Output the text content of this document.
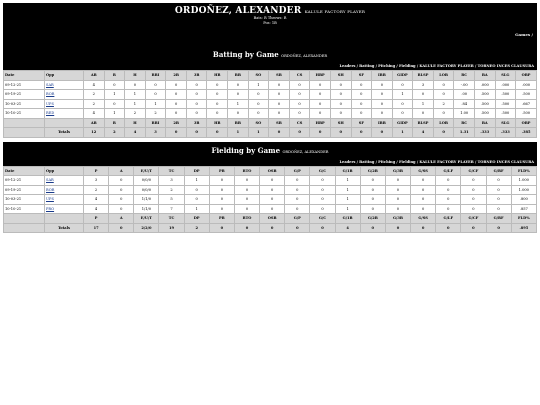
ORDOÑEZ, ALEXANDER KALULE FACTORY PLAYER
Bats: R Throws: R
Pos: 1B
Games /
Batting by Game ORDOÑEZ, ALEXANDER
Leaders / Batting / Pitching / Fielding / KALULE FACTORY PLAYER / TORNEO INCES CLAUSURA
Date	Opp	AB	R	H	RBI	2B	3B	HR	BB	SO	SB	CS	HBP	SH	SF	IBB	GIDP	RLSP	LOB	RC	BA	SLG	OBP
09-12-21	SAR	4	0	0	0	0	0	0	0	1	0	0	0	0	0	0	0	3	0	-.00	.000	.000	.000
09-19-21	BOR	2	1	1	0	0	0	0	0	0	0	0	0	0	0	0	1	0	0	.00	.500	.500	.500
10-03-21	UPS	2	0	1	1	0	0	0	1	0	0	0	0	0	0	0	0	1	2	.84	.500	.500	.667
10-10-21	RED	4	1	2	2	0	0	0	0	0	0	0	0	0	0	0	0	0	0	1.00	.500	.500	.500
		AB	R	H	RBI	2B	3B	HR	BB	SO	SB	CS	HBP	SH	SF	IBB	GIDP	RLSP	LOB	RC	BA	SLG	OBP
	Totals	12	2	4	3	0	0	0	1	1	0	0	0	0	0	0	1	4	0	1.31	.333	.333	.385
Fielding by Game ORDOÑEZ, ALEXANDER
Leaders / Batting / Pitching / Fielding / KALULE FACTORY PLAYER / TORNEO INCES CLAUSURA
Date	Opp	P	A	E/U/T	TC	DP	PB	RTO	OSB	G/P	G/C	G/1B	G/2B	G/3B	G/SS	G/LF	G/CF	G/RF	FLD%
09-12-21	SAR	3	0	0/0/0	3	1	0	0	0	0	0	1	0	0	0	0	0	0	1.000
09-19-21	BOR	2	0	0/0/0	2	0	0	0	0	0	0	1	0	0	0	0	0	0	1.000
10-03-21	UPS	4	0	1/1/0	5	0	0	0	0	0	0	1	0	0	0	0	0	0	.800
10-10-21	PRO	4	0	1/1/0	7	1	0	0	0	0	0	1	0	0	0	0	0	0	.857
		P	A	E/U/T	TC	DP	PB	RTO	OSB	G/P	G/C	G/1B	G/2B	G/3B	G/SS	G/LF	G/CF	G/RF	FLD%
	Totals	17	0	2/2/0	19	2	0	0	0	0	0	4	0	0	0	0	0	0	.895
